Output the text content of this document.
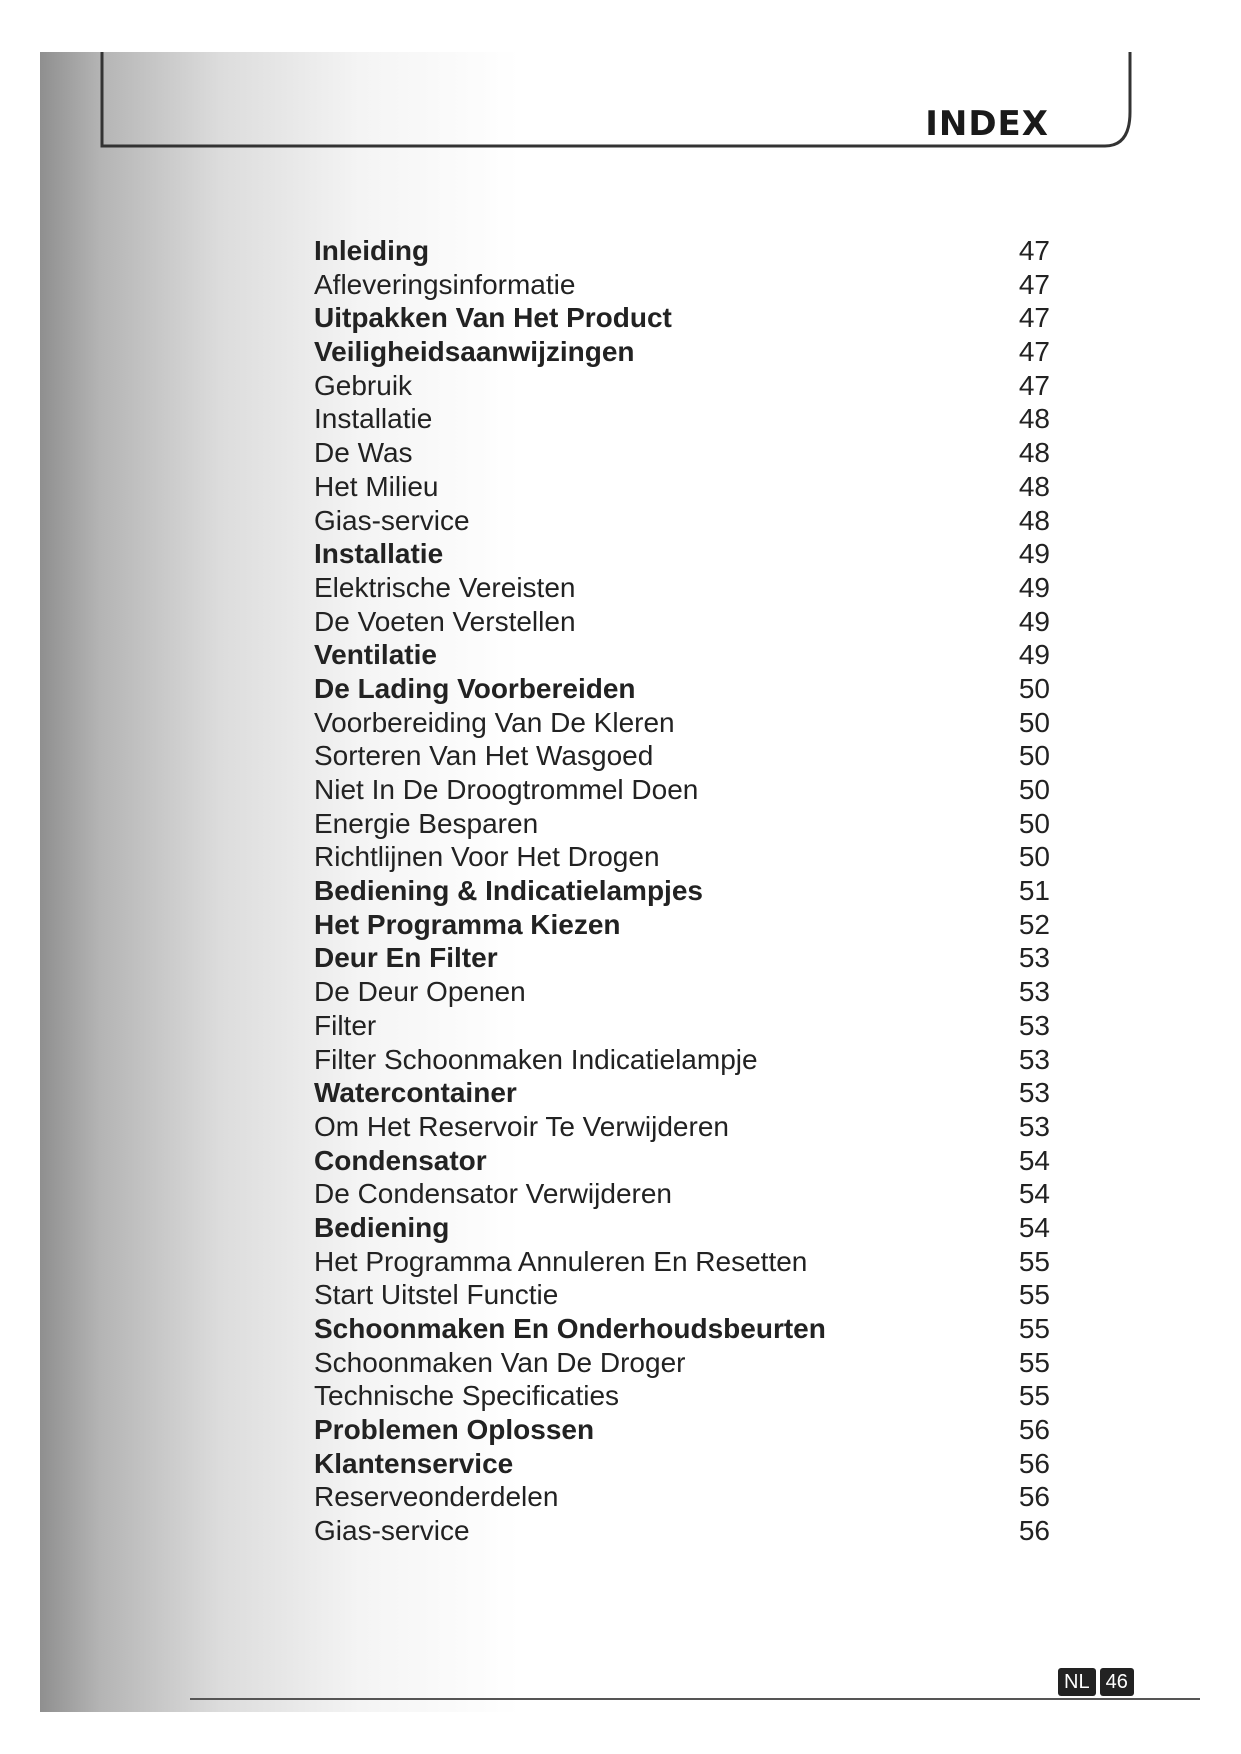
INDEX
Inleiding	47
Afleveringsinformatie	47
Uitpakken Van Het Product	47
Veiligheidsaanwijzingen	47
Gebruik	47
Installatie	48
De Was	48
Het Milieu	48
Gias-service	48
Installatie	49
Elektrische Vereisten	49
De Voeten Verstellen	49
Ventilatie	49
De Lading Voorbereiden	50
Voorbereiding Van De Kleren	50
Sorteren Van Het Wasgoed	50
Niet In De Droogtrommel Doen	50
Energie Besparen	50
Richtlijnen Voor Het Drogen	50
Bediening & Indicatielampjes	51
Het Programma Kiezen	52
Deur En Filter	53
De Deur Openen	53
Filter	53
Filter Schoonmaken Indicatielampje	53
Watercontainer	53
Om Het Reservoir Te Verwijderen	53
Condensator	54
De Condensator Verwijderen	54
Bediening	54
Het Programma Annuleren En Resetten	55
Start Uitstel Functie	55
Schoonmaken En Onderhoudsbeurten	55
Schoonmaken Van De Droger	55
Technische Specificaties	55
Problemen Oplossen	56
Klantenservice	56
Reserveonderdelen	56
Gias-service	56
NL 46
